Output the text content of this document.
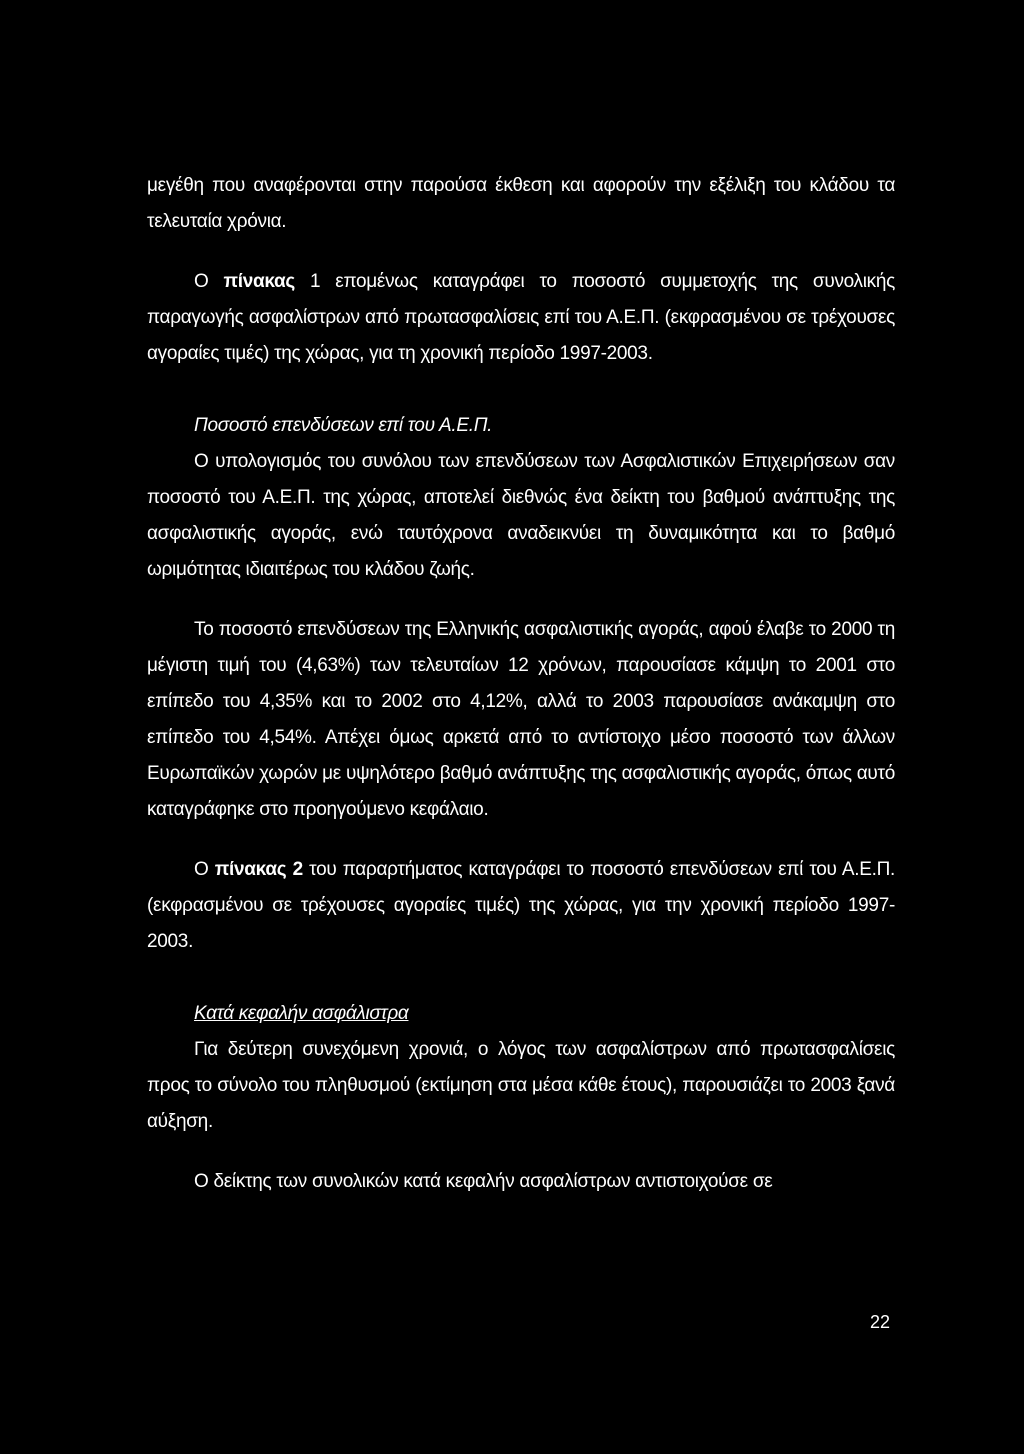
μεγέθη που αναφέρονται στην παρούσα έκθεση και αφορούν την εξέλιξη του κλάδου τα τελευταία χρόνια.

Ο πίνακας 1 επομένως καταγράφει το ποσοστό συμμετοχής της συνολικής παραγωγής ασφαλίστρων από πρωτασφαλίσεις επί του Α.Ε.Π. (εκφρασμένου σε τρέχουσες αγοραίες τιμές) της χώρας, για τη χρονική περίοδο 1997-2003.

Ποσοστό επενδύσεων επί του Α.Ε.Π.

Ο υπολογισμός του συνόλου των επενδύσεων των Ασφαλιστικών Επιχειρήσεων σαν ποσοστό του Α.Ε.Π. της χώρας, αποτελεί διεθνώς ένα δείκτη του βαθμού ανάπτυξης της ασφαλιστικής αγοράς, ενώ ταυτόχρονα αναδεικνύει τη δυναμικότητα και το βαθμό ωριμότητας ιδιαιτέρως του κλάδου ζωής.

Το ποσοστό επενδύσεων της Ελληνικής ασφαλιστικής αγοράς, αφού έλαβε το 2000 τη μέγιστη τιμή του (4,63%) των τελευταίων 12 χρόνων, παρουσίασε κάμψη το 2001 στο επίπεδο του 4,35% και το 2002 στο 4,12%, αλλά το 2003 παρουσίασε ανάκαμψη στο επίπεδο του 4,54%. Απέχει όμως αρκετά από το αντίστοιχο μέσο ποσοστό των άλλων Ευρωπαϊκών χωρών με υψηλότερο βαθμό ανάπτυξης της ασφαλιστικής αγοράς, όπως αυτό καταγράφηκε στο προηγούμενο κεφάλαιο.

Ο πίνακας 2 του παραρτήματος καταγράφει το ποσοστό επενδύσεων επί του Α.Ε.Π. (εκφρασμένου σε τρέχουσες αγοραίες τιμές) της χώρας, για την χρονική περίοδο 1997-2003.

Κατά κεφαλήν ασφάλιστρα

Για δεύτερη συνεχόμενη χρονιά, ο λόγος των ασφαλίστρων από πρωτασφαλίσεις προς το σύνολο του πληθυσμού (εκτίμηση στα μέσα κάθε έτους), παρουσιάζει το 2003 ξανά αύξηση.

Ο δείκτης των συνολικών κατά κεφαλήν ασφαλίστρων αντιστοιχούσε σε

22
